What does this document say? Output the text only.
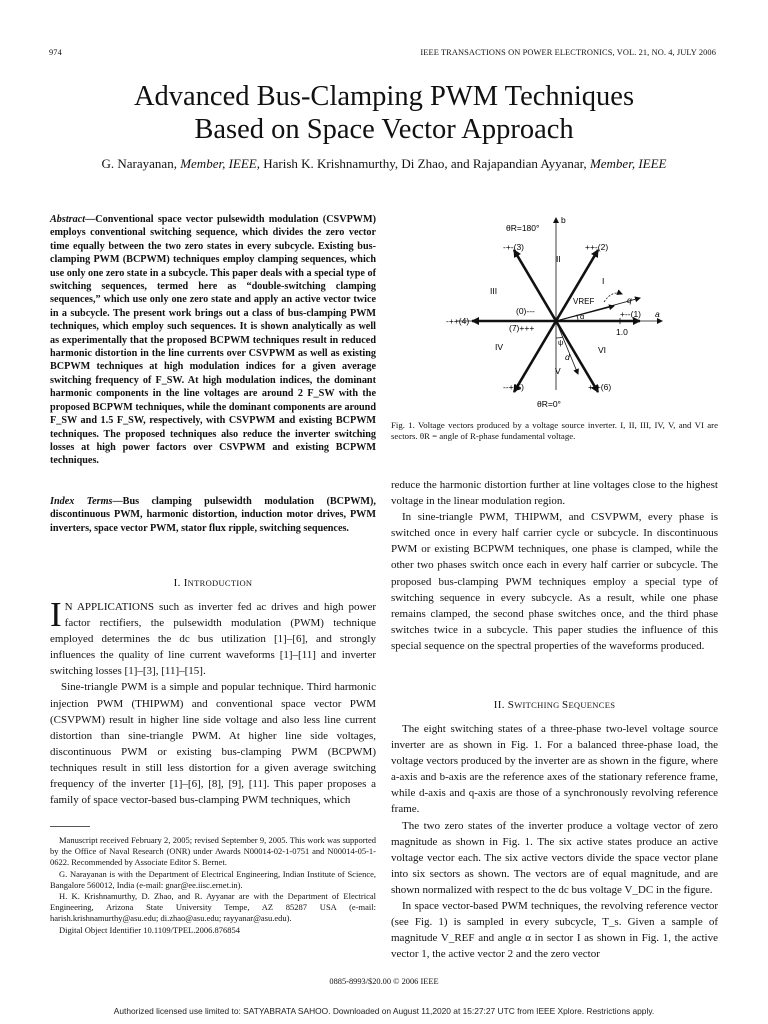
974	IEEE TRANSACTIONS ON POWER ELECTRONICS, VOL. 21, NO. 4, JULY 2006
Advanced Bus-Clamping PWM Techniques
Based on Space Vector Approach
G. Narayanan, Member, IEEE, Harish K. Krishnamurthy, Di Zhao, and Rajapandian Ayyanar, Member, IEEE
Abstract—Conventional space vector pulsewidth modulation (CSVPWM) employs conventional switching sequence, which divides the zero vector time equally between the two zero states in every subcycle. Existing bus-clamping PWM (BCPWM) techniques employ clamping sequences, which use only one zero state in a subcycle. This paper deals with a special type of switching sequences, termed here as “double-switching clamping sequences,” which use only one zero state and apply an active vector twice in a subcycle. The present work brings out a class of bus-clamping PWM techniques, which employ such sequences. It is shown analytically as well as experimentally that the proposed BCPWM techniques result in reduced harmonic distortion in the line currents over CSVPWM as well as existing BCPWM techniques at high modulation indices for a given average switching frequency of F_SW. At high modulation indices, the dominant harmonic components in the line voltages are around 2 F_SW with the proposed BCPWM techniques, while the dominant components are around F_SW and 1.5 F_SW, respectively, with CSVPWM and existing BCPWM techniques. The proposed techniques also reduce the inverter switching losses at high power factors over CSVPWM and existing BCPWM techniques.
Index Terms—Bus clamping pulsewidth modulation (BCPWM), discontinuous PWM, harmonic distortion, induction motor drives, PWM inverters, space vector PWM, stator flux ripple, switching sequences.
I. INTRODUCTION

I N APPLICATIONS such as inverter fed ac drives and high power factor rectifiers, the pulsewidth modulation (PWM) technique employed determines the dc bus utilization [1]–[6], and strongly influences the quality of line current waveforms [1]–[11] and inverter switching losses [1]–[3], [11]–[15].

Sine-triangle PWM is a simple and popular technique. Third harmonic injection PWM (THIPWM) and conventional space vector PWM (CSVPWM) result in higher line side voltage and also less line current distortion than sine-triangle PWM. At higher line side voltages, discontinuous PWM or existing bus-clamping PWM (BCPWM) techniques result in still less distortion for a given average switching frequency of the inverter [1]–[6], [8], [9], [11]. This paper proposes a family of space vector-based bus-clamping PWM techniques, which

Manuscript received February 2, 2005; revised September 9, 2005. This work was supported by the Office of Naval Research (ONR) under Awards N00014-02-1-0751 and N00014-05-1-0622. Recommended by Associate Editor S. Bernet.

G. Narayanan is with the Department of Electrical Engineering, Indian Institute of Science, Bangalore 560012, India (e-mail: gnar@ee.iisc.ernet.in).

H. K. Krishnamurthy, D. Zhao, and R. Ayyanar are with the Department of Electrical Engineering, Arizona State University Tempe, AZ 85287 USA (e-mail: harish.krishnamurthy@asu.edu; di.zhao@asu.edu; rayyanar@asu.edu).

Digital Object Identifier 10.1109/TPEL.2006.876854

θR=180°
b
-+-(3)	++-(2)
II
I
III
VREF	q
(0)---	+--(1) a
-++(4)
(7)+++
α
1.0
ψ
d
IV
V
VI
--+(5)	+-+(6)
θR=0°
Fig. 1. Voltage vectors produced by a voltage source inverter. I, II, III, IV, V, and VI are sectors. θR = angle of R-phase fundamental voltage.

reduce the harmonic distortion further at line voltages close to the highest voltage in the linear modulation region.

In sine-triangle PWM, THIPWM, and CSVPWM, every phase is switched once in every half carrier cycle or subcycle. In discontinuous PWM or existing BCPWM techniques, one phase is clamped, while the other two phases switch once each in every half carrier or subcycle. The proposed bus-clamping PWM techniques employ a special type of switching sequence in every subcycle. As a result, while one phase remains clamped, the second phase switches once, and the third phase switches twice in a subcycle. This paper studies the influence of this special sequence on the spectral properties of the waveforms produced.

II. SWITCHING SEQUENCES

The eight switching states of a three-phase two-level voltage source inverter are as shown in Fig. 1. For a balanced three-phase load, the voltage vectors produced by the inverter are as shown in the figure, where a-axis and b-axis are the reference axes of the stationary reference frame, while d-axis and q-axis are those of a synchronously revolving reference frame.

The two zero states of the inverter produce a voltage vector of zero magnitude as shown in Fig. 1. The six active states produce an active voltage vector each. The six active vectors divide the space vector plane into six sectors as shown. The vectors are of equal magnitude, and are shown normalized with respect to the dc bus voltage V_DC in the figure.

In space vector-based PWM techniques, the revolving reference vector (see Fig. 1) is sampled in every subcycle, T_s. Given a sample of magnitude V_REF and angle α in sector I as shown in Fig. 1, the active vector 1, the active vector 2 and the zero vector

0885-8993/$20.00 © 2006 IEEE
Authorized licensed use limited to: SATYABRATA SAHOO. Downloaded on August 11,2020 at 15:27:27 UTC from IEEE Xplore. Restrictions apply.
